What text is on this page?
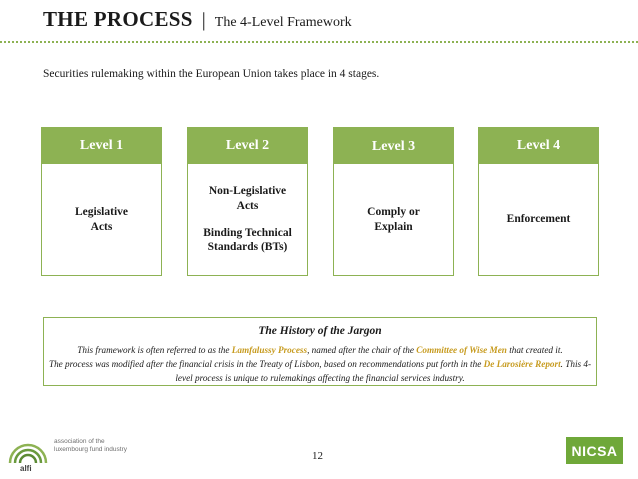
THE PROCESS | The 4-Level Framework
Securities rulemaking within the European Union takes place in 4 stages.
Level 1
Legislative
Acts
Level 2
Non-Legislative
Acts
Binding Technical
Standards (BTs)
Level 3
Comply or
Explain
Level 4
Enforcement
The History of the Jargon
This framework is often referred to as the Lamfalussy Process, named after the chair of the Committee of Wise Men that created it.
The process was modified after the financial crisis in the Treaty of Lisbon, based on recommendations put forth in the De Larosière Report. This 4-level process is unique to rulemakings affecting the financial services industry.
12
alfi
association of the
luxembourg fund industry	NICSA
